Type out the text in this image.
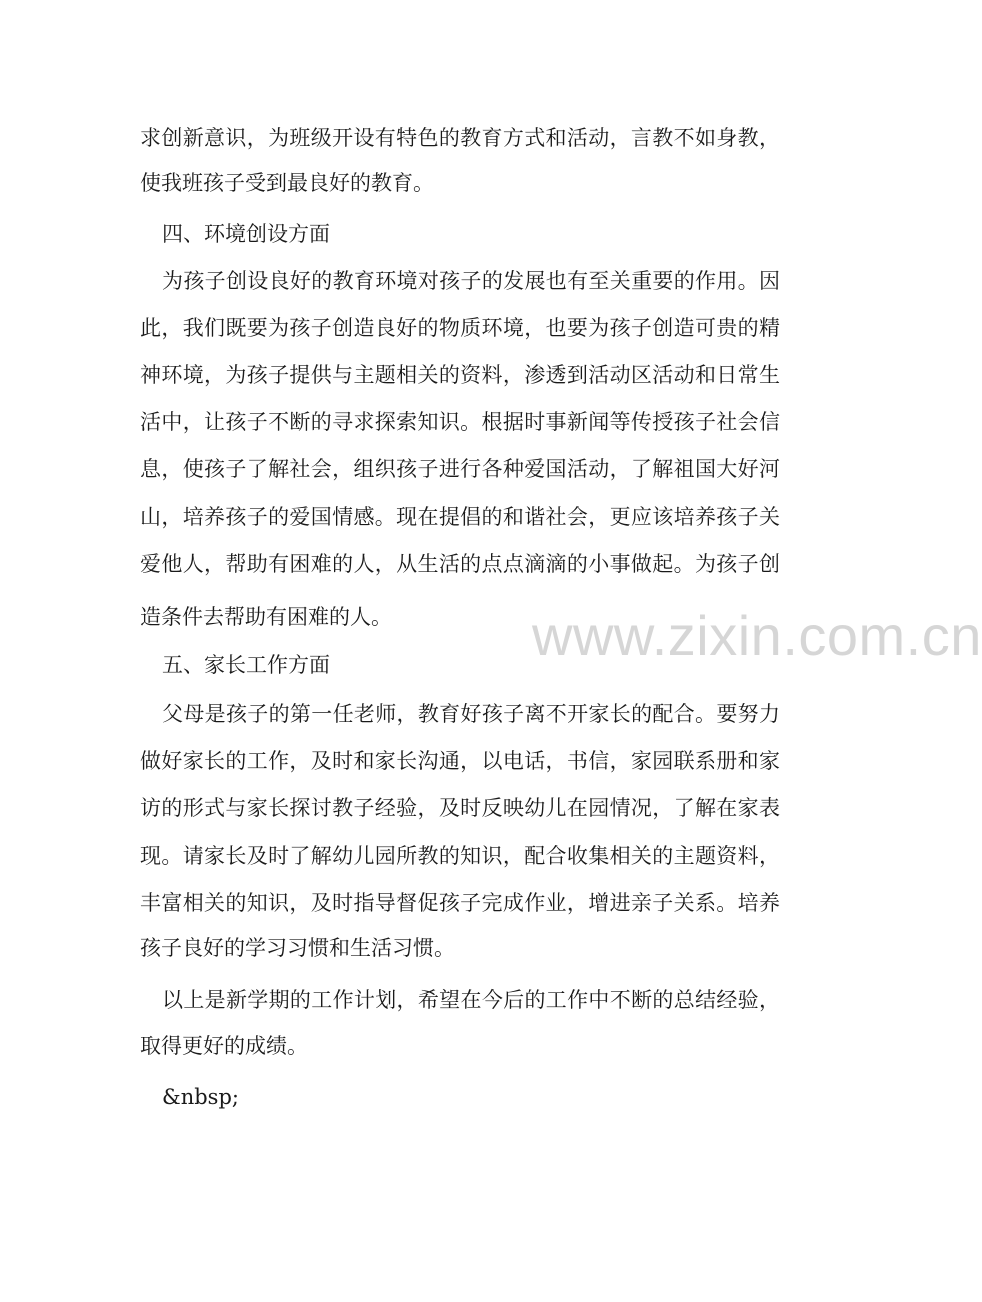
求创新意识，为班级开设有特色的教育方式和活动，言教不如身教，
使我班孩子受到最良好的教育。
四、环境创设方面
为孩子创设良好的教育环境对孩子的发展也有至关重要的作用。因
此，我们既要为孩子创造良好的物质环境，也要为孩子创造可贵的精
神环境，为孩子提供与主题相关的资料，渗透到活动区活动和日常生
活中，让孩子不断的寻求探索知识。根据时事新闻等传授孩子社会信
息，使孩子了解社会，组织孩子进行各种爱国活动，了解祖国大好河
山，培养孩子的爱国情感。现在提倡的和谐社会，更应该培养孩子关
爱他人，帮助有困难的人，从生活的点点滴滴的小事做起。为孩子创
造条件去帮助有困难的人。
五、家长工作方面
父母是孩子的第一任老师，教育好孩子离不开家长的配合。要努力
做好家长的工作，及时和家长沟通，以电话，书信，家园联系册和家
访的形式与家长探讨教子经验，及时反映幼儿在园情况，了解在家表
现。请家长及时了解幼儿园所教的知识，配合收集相关的主题资料，
丰富相关的知识，及时指导督促孩子完成作业，增进亲子关系。培养
孩子良好的学习习惯和生活习惯。
以上是新学期的工作计划，希望在今后的工作中不断的总结经验，
取得更好的成绩。
&nbsp;
www.zixin.com.cn
